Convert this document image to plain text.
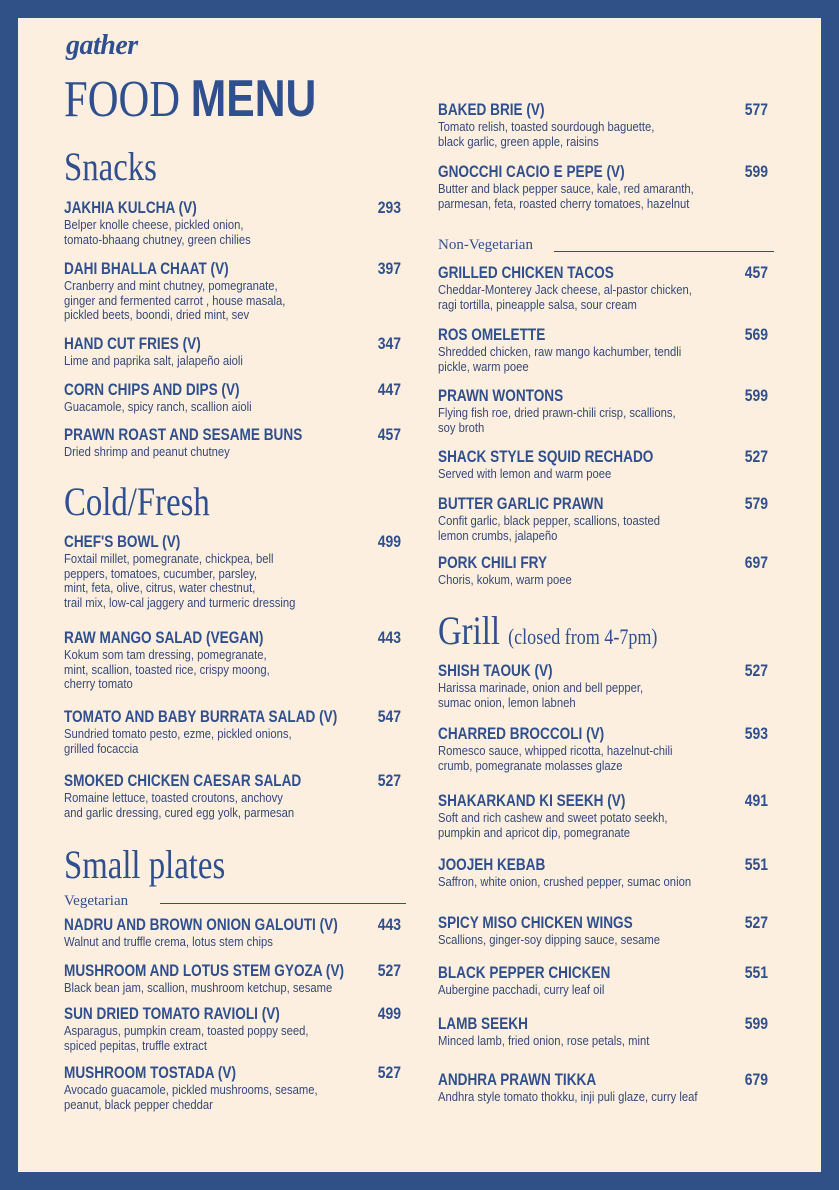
gather
FOOD MENU
Snacks
JAKHIA KULCHA (V)
Belper knolle cheese, pickled onion,
tomato-bhaang chutney, green chilies
293
DAHI BHALLA CHAAT (V)
Cranberry and mint chutney, pomegranate,
ginger and fermented carrot , house masala,
pickled beets, boondi, dried mint, sev
397
HAND CUT FRIES (V)
Lime and paprika salt, jalapeño aioli
347
CORN CHIPS AND DIPS (V)
Guacamole, spicy ranch, scallion aioli
447
PRAWN ROAST AND SESAME BUNS
Dried shrimp and peanut chutney
457
Cold/Fresh
CHEF'S BOWL (V)
Foxtail millet, pomegranate, chickpea, bell
peppers, tomatoes, cucumber, parsley,
mint, feta, olive, citrus, water chestnut,
trail mix, low-cal jaggery and turmeric dressing
499
RAW MANGO SALAD (VEGAN)
Kokum som tam dressing, pomegranate,
mint, scallion, toasted rice, crispy moong,
cherry tomato
443
TOMATO AND BABY BURRATA SALAD (V)
Sundried tomato pesto, ezme, pickled onions,
grilled focaccia
547
SMOKED CHICKEN CAESAR SALAD
Romaine lettuce, toasted croutons, anchovy
and garlic dressing, cured egg yolk, parmesan
527
Small plates
Vegetarian
NADRU AND BROWN ONION GALOUTI (V)
Walnut and truffle crema, lotus stem chips
443
MUSHROOM AND LOTUS STEM GYOZA (V)
Black bean jam, scallion, mushroom ketchup, sesame
527
SUN DRIED TOMATO RAVIOLI (V)
Asparagus, pumpkin cream, toasted poppy seed,
spiced pepitas, truffle extract
499
MUSHROOM TOSTADA (V)
Avocado guacamole, pickled mushrooms, sesame,
peanut, black pepper cheddar
527
BAKED BRIE (V)
Tomato relish, toasted sourdough baguette,
black garlic, green apple, raisins
577
GNOCCHI CACIO E PEPE (V)
Butter and black pepper sauce, kale, red amaranth,
parmesan, feta, roasted cherry tomatoes, hazelnut
599
Non-Vegetarian
GRILLED CHICKEN TACOS
Cheddar-Monterey Jack cheese, al-pastor chicken,
ragi tortilla, pineapple salsa, sour cream
457
ROS OMELETTE
Shredded chicken, raw mango kachumber, tendli
pickle, warm poee
569
PRAWN WONTONS
Flying fish roe, dried prawn-chili crisp, scallions,
soy broth
599
SHACK STYLE SQUID RECHADO
Served with lemon and warm poee
527
BUTTER GARLIC PRAWN
Confit garlic, black pepper, scallions, toasted
lemon crumbs, jalapeño
579
PORK CHILI FRY
Choris, kokum, warm poee
697
Grill (closed from 4-7pm)
SHISH TAOUK (V)
Harissa marinade, onion and bell pepper,
sumac onion, lemon labneh
527
CHARRED BROCCOLI (V)
Romesco sauce, whipped ricotta, hazelnut-chili
crumb, pomegranate molasses glaze
593
SHAKARKAND KI SEEKH (V)
Soft and rich cashew and sweet potato seekh,
pumpkin and apricot dip, pomegranate
491
JOOJEH KEBAB
Saffron, white onion, crushed pepper, sumac onion
551
SPICY MISO CHICKEN WINGS
Scallions, ginger-soy dipping sauce, sesame
527
BLACK PEPPER CHICKEN
Aubergine pacchadi, curry leaf oil
551
LAMB SEEKH
Minced lamb, fried onion, rose petals, mint
599
ANDHRA PRAWN TIKKA
Andhra style tomato thokku, inji puli glaze, curry leaf
679
